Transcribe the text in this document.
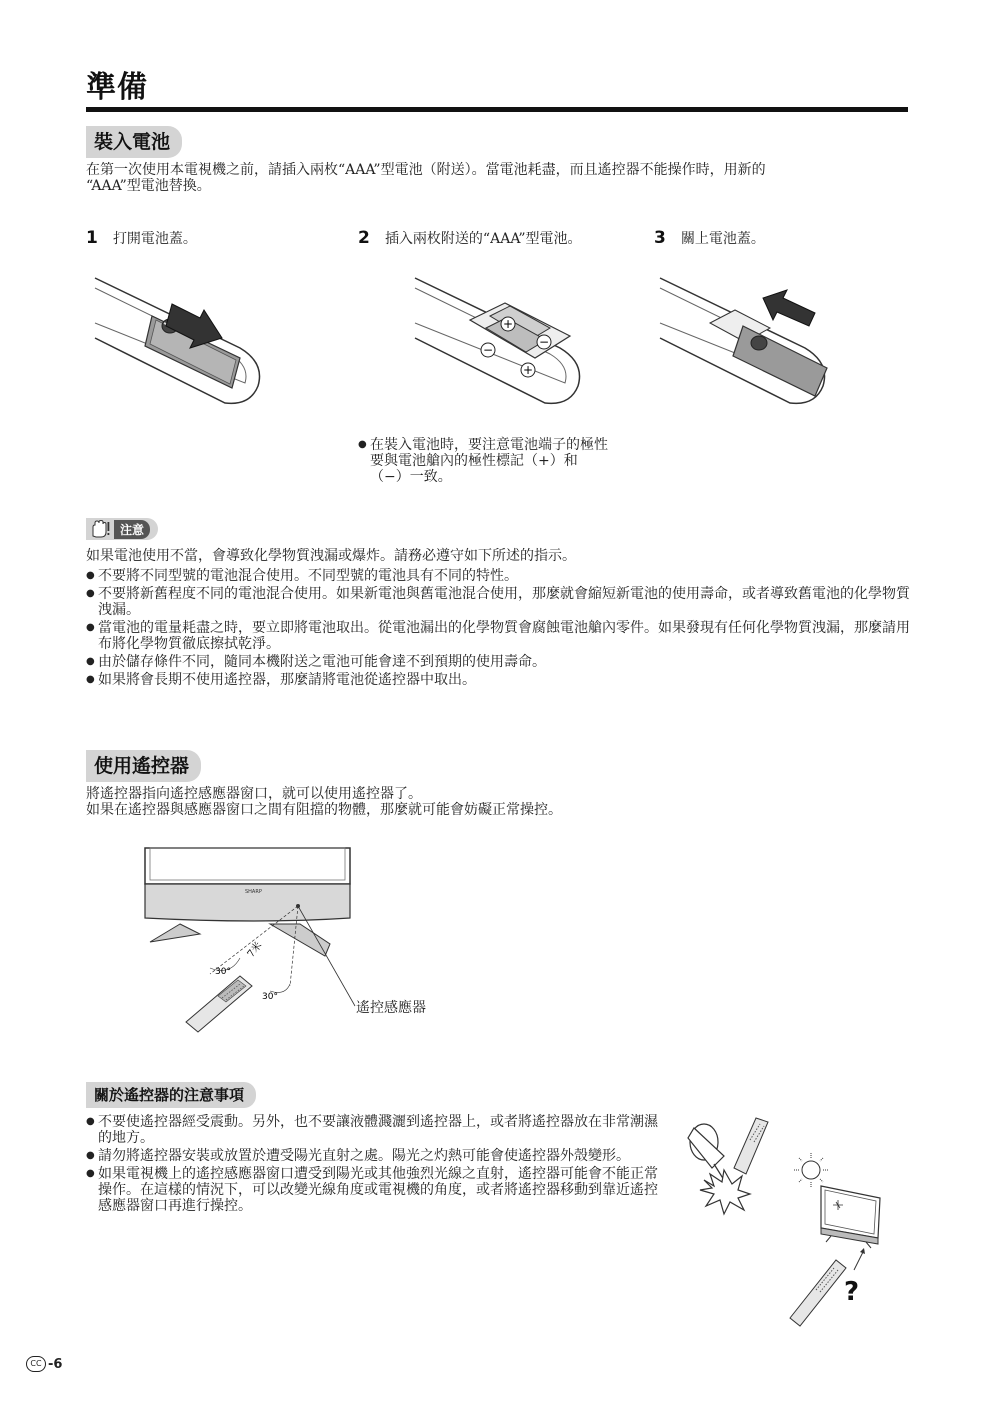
準備
裝入電池
在第一次使用本電視機之前，請插入兩枚“AAA”型電池（附送）。當電池耗盡，而且遙控器不能操作時，用新的
“AAA”型電池替換。
1 打開電池蓋。	2 插入兩枚附送的“AAA”型電池。	3 關上電池蓋。
+
−
−
+
● 在裝入電池時，要注意電池端子的極性
要與電池艙內的極性標記（+）和
（−）一致。
注意
如果電池使用不當，會導致化學物質洩漏或爆炸。請務必遵守如下所述的指示。
● 不要將不同型號的電池混合使用。不同型號的電池具有不同的特性。
● 不要將新舊程度不同的電池混合使用。如果新電池與舊電池混合使用，那麼就會縮短新電池的使用壽命，或者導致舊電池的化學物質洩漏。
● 當電池的電量耗盡之時，要立即將電池取出。從電池漏出的化學物質會腐蝕電池艙內零件。如果發現有任何化學物質洩漏，那麼請用布將化學物質徹底擦拭乾淨。
● 由於儲存條件不同，隨同本機附送之電池可能會達不到預期的使用壽命。
● 如果將會長期不使用遙控器，那麼請將電池從遙控器中取出。
使用遙控器
將遙控器指向遙控感應器窗口，就可以使用遙控器了。
如果在遙控器與感應器窗口之間有阻擋的物體，那麼就可能會妨礙正常操控。
SHARP
7米
30°
30°
遙控感應器
關於遙控器的注意事項
● 不要使遙控器經受震動。另外，也不要讓液體濺灑到遙控器上，或者將遙控器放在非常潮濕的地方。
● 請勿將遙控器安裝或放置於遭受陽光直射之處。陽光之灼熱可能會使遙控器外殼變形。
● 如果電視機上的遙控感應器窗口遭受到陽光或其他強烈光線之直射，遙控器可能會不能正常操作。在這樣的情況下，可以改變光線角度或電視機的角度，或者將遙控器移動到靠近遙控感應器窗口再進行操控。
?
CC -6
